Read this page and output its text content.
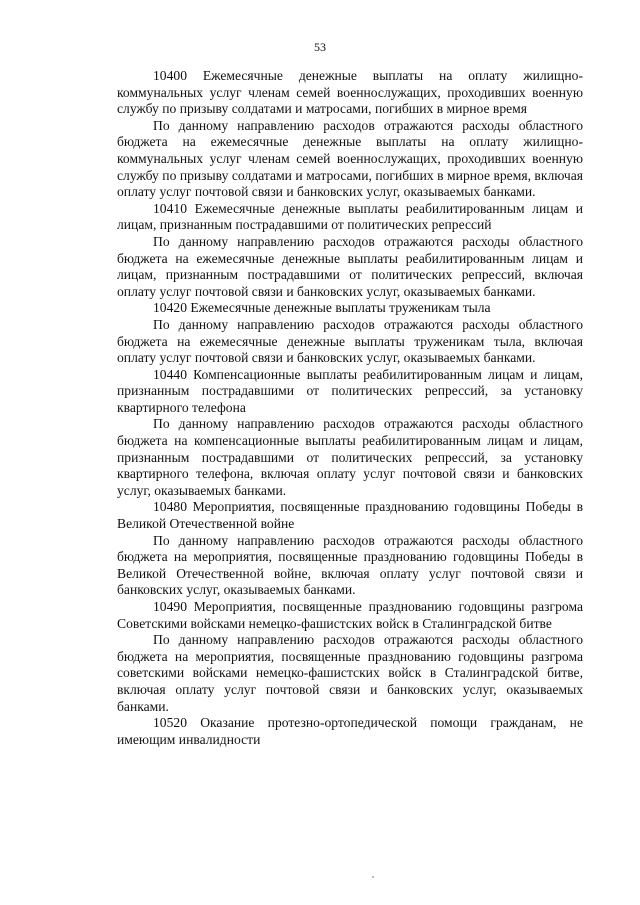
53

10400 Ежемесячные денежные выплаты на оплату жилищно-коммунальных услуг членам семей военнослужащих, проходивших военную службу по призыву солдатами и матросами, погибших в мирное время

По данному направлению расходов отражаются расходы областного бюджета на ежемесячные денежные выплаты на оплату жилищно-коммунальных услуг членам семей военнослужащих, проходивших военную службу по призыву солдатами и матросами, погибших в мирное время, включая оплату услуг почтовой связи и банковских услуг, оказываемых банками.

10410 Ежемесячные денежные выплаты реабилитированным лицам и лицам, признанным пострадавшими от политических репрессий

По данному направлению расходов отражаются расходы областного бюджета на ежемесячные денежные выплаты реабилитированным лицам и лицам, признанным пострадавшими от политических репрессий, включая оплату услуг почтовой связи и банковских услуг, оказываемых банками.

10420 Ежемесячные денежные выплаты труженикам тыла

По данному направлению расходов отражаются расходы областного бюджета на ежемесячные денежные выплаты труженикам тыла, включая оплату услуг почтовой связи и банковских услуг, оказываемых банками.

10440 Компенсационные выплаты реабилитированным лицам и лицам, признанным пострадавшими от политических репрессий, за установку квартирного телефона

По данному направлению расходов отражаются расходы областного бюджета на компенсационные выплаты реабилитированным лицам и лицам, признанным пострадавшими от политических репрессий, за установку квартирного телефона, включая оплату услуг почтовой связи и банковских услуг, оказываемых банками.

10480 Мероприятия, посвященные празднованию годовщины Победы в Великой Отечественной войне

По данному направлению расходов отражаются расходы областного бюджета на мероприятия, посвященные празднованию годовщины Победы в Великой Отечественной войне, включая оплату услуг почтовой связи и банковских услуг, оказываемых банками.

10490 Мероприятия, посвященные празднованию годовщины разгрома Советскими войсками немецко-фашистских войск в Сталинградской битве

По данному направлению расходов отражаются расходы областного бюджета на мероприятия, посвященные празднованию годовщины разгрома советскими войсками немецко-фашистских войск в Сталинградской битве, включая оплату услуг почтовой связи и банковских услуг, оказываемых банками.

10520 Оказание протезно-ортопедической помощи гражданам, не имеющим инвалидности
